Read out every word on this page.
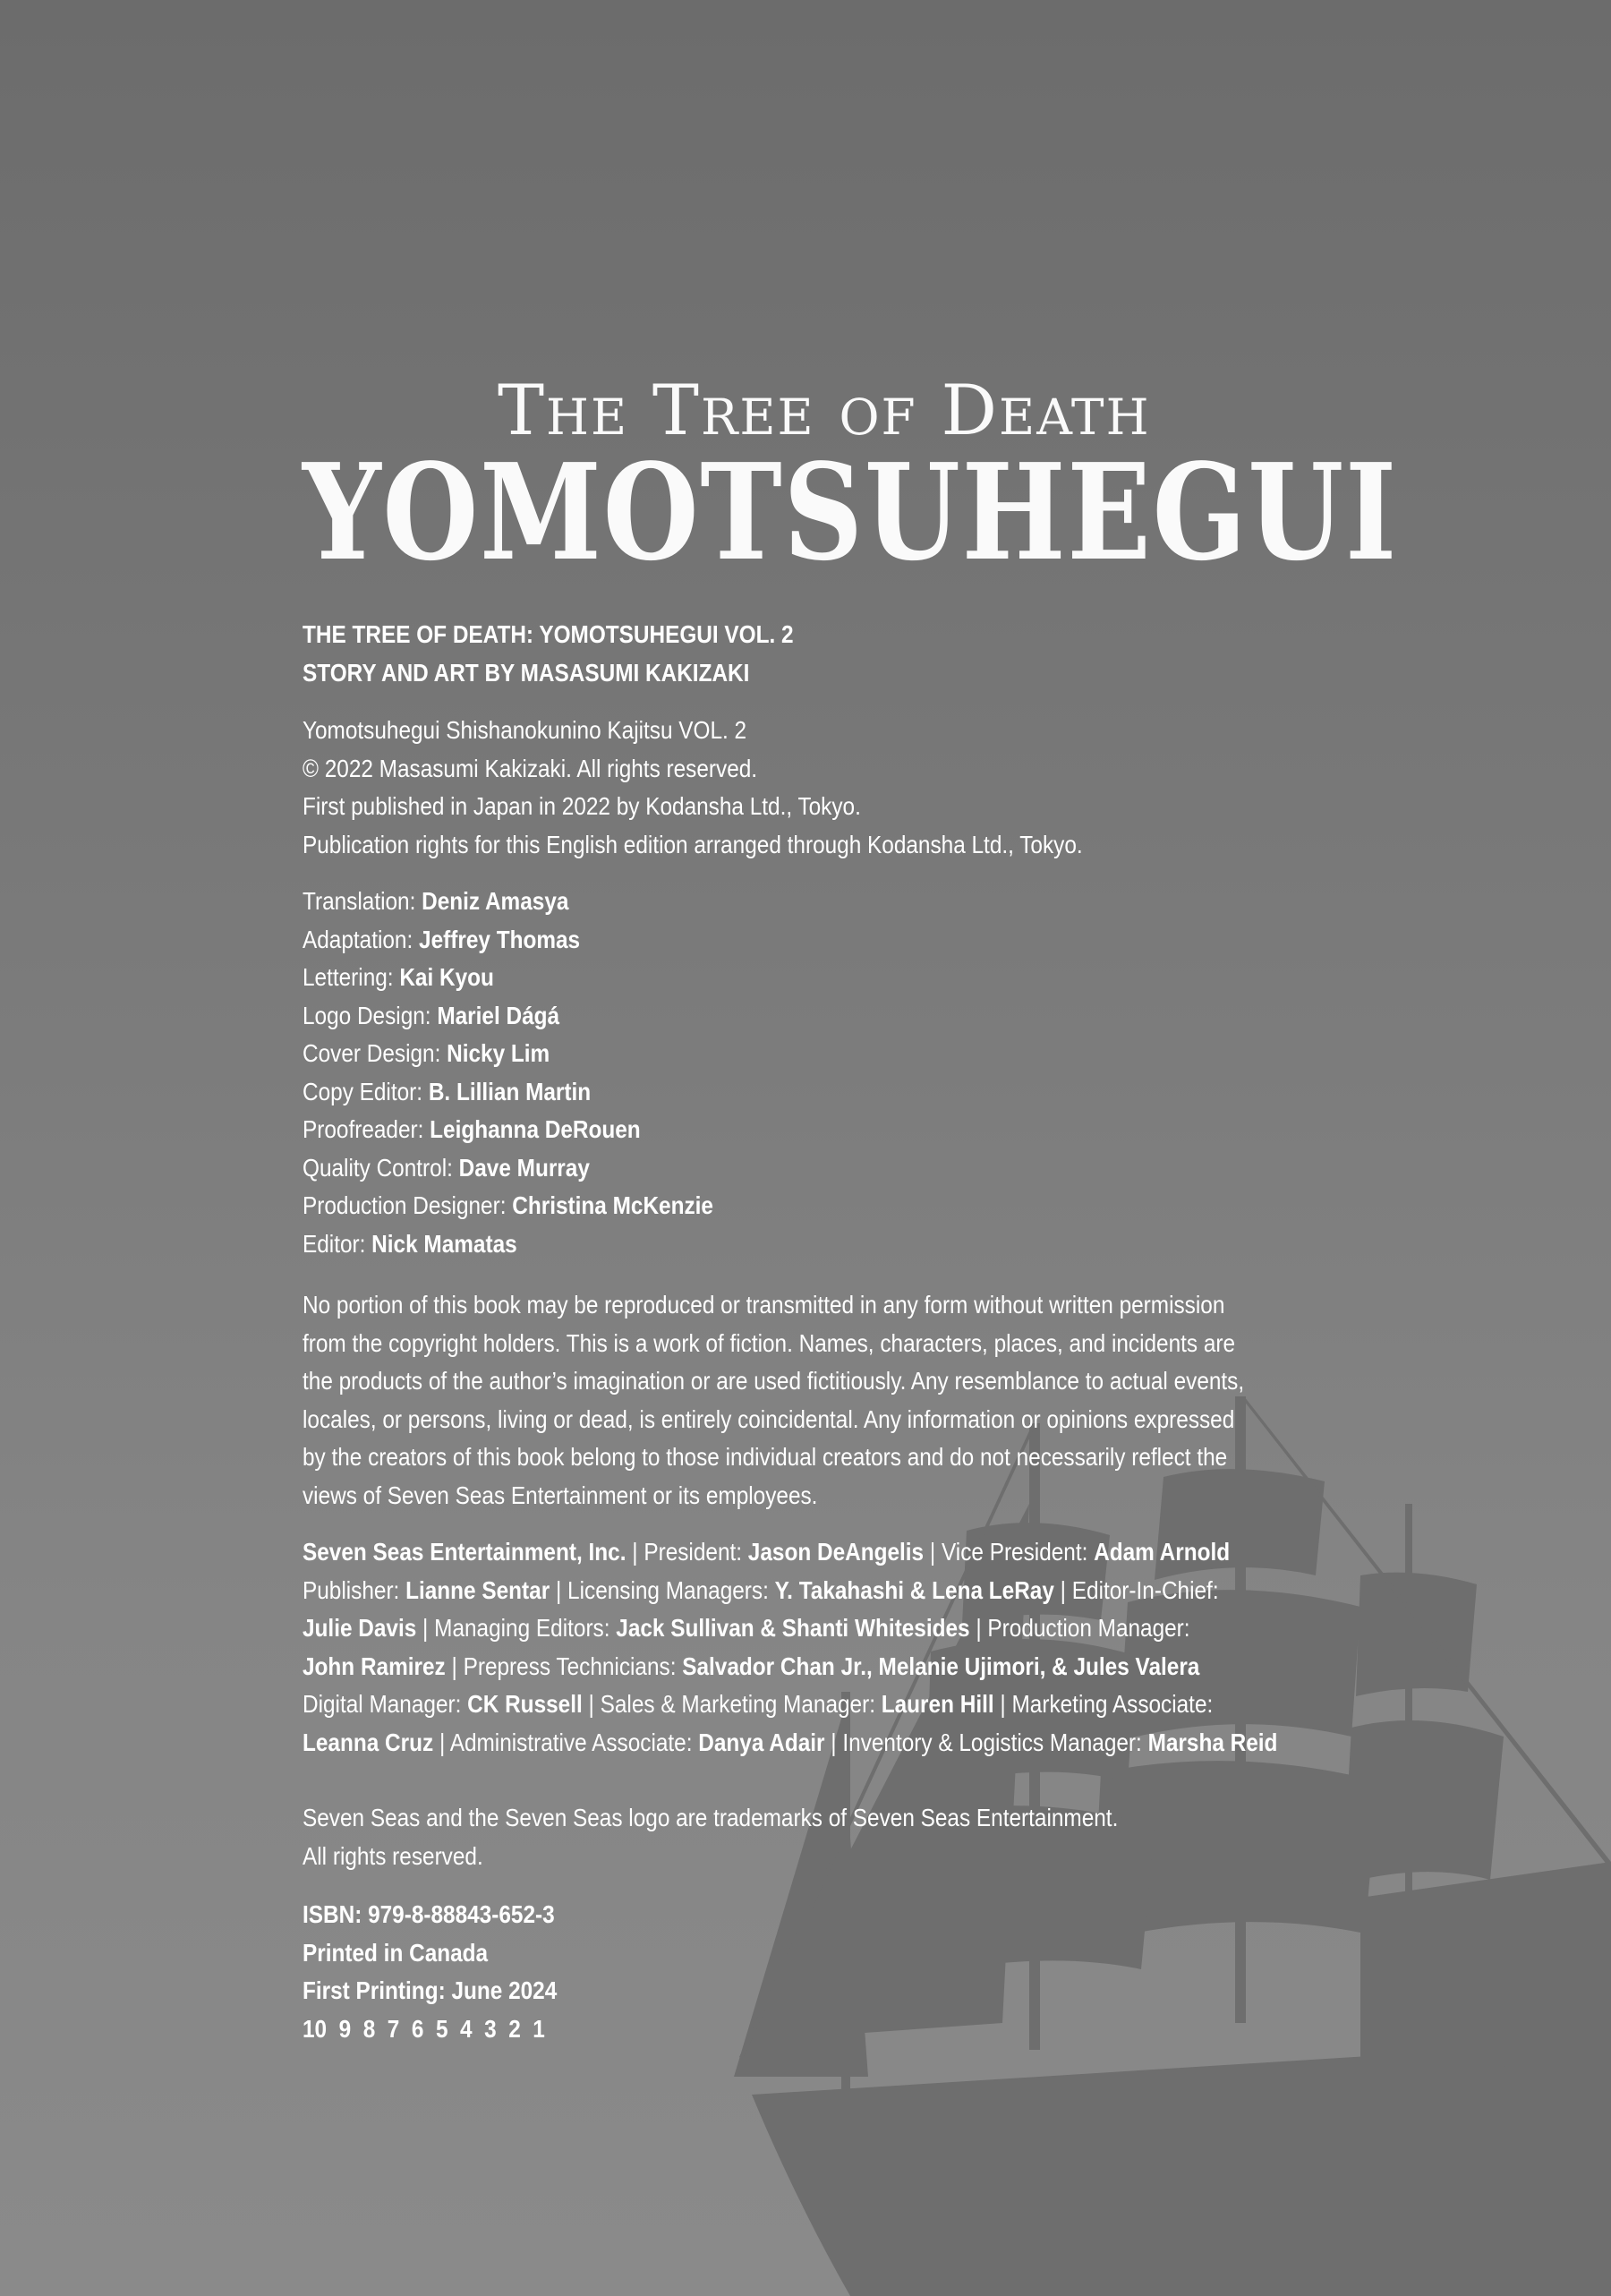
The Tree of Death
YOMOTSUHEGUI
THE TREE OF DEATH: YOMOTSUHEGUI VOL. 2
STORY AND ART BY MASASUMI KAKIZAKI
Yomotsuhegui Shishanokunino Kajitsu VOL. 2
© 2022 Masasumi Kakizaki. All rights reserved.
First published in Japan in 2022 by Kodansha Ltd., Tokyo.
Publication rights for this English edition arranged through Kodansha Ltd., Tokyo.
Translation: Deniz Amasya
Adaptation: Jeffrey Thomas
Lettering: Kai Kyou
Logo Design: Mariel Dágá
Cover Design: Nicky Lim
Copy Editor: B. Lillian Martin
Proofreader: Leighanna DeRouen
Quality Control: Dave Murray
Production Designer: Christina McKenzie
Editor: Nick Mamatas
No portion of this book may be reproduced or transmitted in any form without written permission
from the copyright holders. This is a work of fiction. Names, characters, places, and incidents are
the products of the author’s imagination or are used fictitiously. Any resemblance to actual events,
locales, or persons, living or dead, is entirely coincidental. Any information or opinions expressed
by the creators of this book belong to those individual creators and do not necessarily reflect the
views of Seven Seas Entertainment or its employees.
Seven Seas Entertainment, Inc. | President: Jason DeAngelis | Vice President: Adam Arnold
Publisher: Lianne Sentar | Licensing Managers: Y. Takahashi & Lena LeRay | Editor-In-Chief:
Julie Davis | Managing Editors: Jack Sullivan & Shanti Whitesides | Production Manager:
John Ramirez | Prepress Technicians: Salvador Chan Jr., Melanie Ujimori, & Jules Valera
Digital Manager: CK Russell | Sales & Marketing Manager: Lauren Hill | Marketing Associate:
Leanna Cruz | Administrative Associate: Danya Adair | Inventory & Logistics Manager: Marsha Reid
Seven Seas and the Seven Seas logo are trademarks of Seven Seas Entertainment.
All rights reserved.
ISBN: 979-8-88843-652-3
Printed in Canada
First Printing: June 2024
10  9  8  7  6  5  4  3  2  1
